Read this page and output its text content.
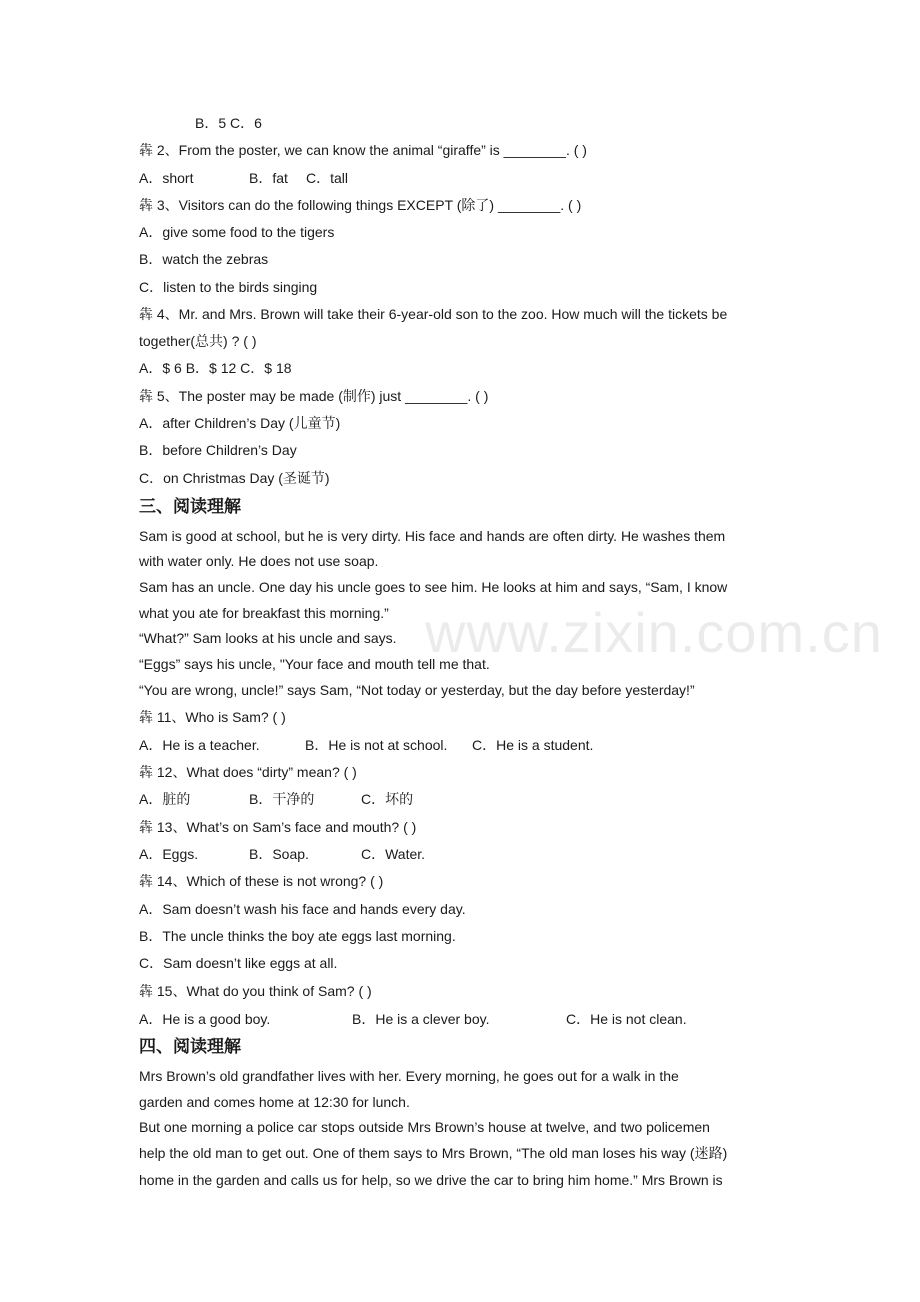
www.zixin.com.cn
B．5 C．6
犇 2、From the poster, we can know the animal “giraffe” is ________. ( )
犇 3、Visitors can do the following things EXCEPT (除了) ________. ( )
A．give some food to the tigers
B．watch the zebras
C．listen to the birds singing
犇 4、Mr. and Mrs. Brown will take their 6-year-old son to the zoo. How much will the tickets be
together(总共) ? ( )
A．$ 6 B．$ 12 C．$ 18
犇 5、The poster may be made (制作) just ________. ( )
A．after Children’s Day (儿童节)
B．before Children’s Day
C．on Christmas Day (圣诞节)
Sam is good at school, but he is very dirty. His face and hands are often dirty. He washes them
with water only. He does not use soap.
Sam has an uncle. One day his uncle goes to see him. He looks at him and says, “Sam, I know
what you ate for breakfast this morning.”
“What?” Sam looks at his uncle and says.
“Eggs” says his uncle, "Your face and mouth tell me that.
“You are wrong, uncle!” says Sam, “Not today or yesterday, but the day before yesterday!”
犇 11、Who is Sam? ( )
犇 12、What does “dirty” mean? ( )
犇 13、What’s on Sam’s face and mouth? ( )
犇 14、Which of these is not wrong? ( )
A．Sam doesn’t wash his face and hands every day.
B．The uncle thinks the boy ate eggs last morning.
C．Sam doesn’t like eggs at all.
犇 15、What do you think of Sam? ( )
Mrs Brown’s old grandfather lives with her. Every morning, he goes out for a walk in the
garden and comes home at 12:30 for lunch.
But one morning a police car stops outside Mrs Brown’s house at twelve, and two policemen
help the old man to get out. One of them says to Mrs Brown, “The old man loses his way (迷路)
home in the garden and calls us for help, so we drive the car to bring him home.” Mrs Brown is
A．short	B．fat C．tall
A．He is a teacher.	B．He is not at school. C．He is a student.
A．脏的	B．干净的	C．坏的
A．Eggs.	B．Soap.	C．Water.
A．He is a good boy.	B．He is a clever boy.	C．He is not clean.
三、阅读理解
四、阅读理解
